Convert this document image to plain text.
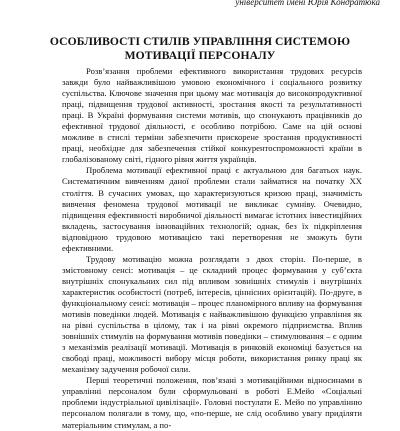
університет імені Юрія Кондратюка
ОСОБЛИВОСТІ СТИЛІВ УПРАВЛІННЯ СИСТЕМОЮ
МОТИВАЦІЇ ПЕРСОНАЛУ

Розв’язання проблеми ефективного використання трудових ресурсів завжди було найважливішою умовою економічного і соціального розвитку суспільства. Ключове значення при цьому має мотивація до високопродуктивної праці, підвищення трудової активності, зростання якості та результативності праці. В Україні формування системи мотивів, що спонукають працівників до ефективної трудової діяльності, є особливо потрібою. Саме на цій основі можливе в стислі терміни забезпечити прискорене зростання продуктивності праці, необхідне для забезпечення стійкої конкурентоспроможності країни в глобалізованому світі, гідного рівня життя українців.

Проблема мотивації ефективної праці є актуальною для багатьох наук. Систематичним вивченням даної проблеми стали займатися на початку XX століття. В сучасних умовах, що характеризуються кризою праці, значимість вивчення феномена трудової мотивації не викликає сумніву. Очевидно, підвищення ефективності виробничої діяльності вимагає істотних інвестиційних вкладень, застосування інноваційних технологій; однак, без їх підкріплення відповідною трудовою мотивацією такі перетворення не зможуть бути ефективними.

Трудову мотивацію можна розглядати з двох сторін. По-перше, в змістовному сенсі: мотивація – це складний процес формування у суб’єкта внутрішніх спонукальних сил під впливом зовнішніх стимулів і внутрішніх характеристик особистості (потреб, інтересів, ціннісних орієнтацій). По-друге, в функціональному сенсі: мотивація – процес планомірного впливу на формування мотивів поведінки людей. Мотивація є найважливішою функцією управління як на рівні суспільства в цілому, так і на рівні окремого підприємства. Вплив зовнішніх стимулів на формування мотивів поведінки – стимулювання – є одним з механізмів реалізації мотивації. Мотивація в ринковій економіці базується на свободі праці, можливості вибору місця роботи, використання ринку праці як механізму задучення робочої сили.

Перші теоретичні положення, пов’язані з мотиваційними відносинами в управлінні персоналом були сформульовані в роботі Е.Мейо «Соціальні проблеми індустріальної цивілізації». Головні постулати Е. Мейо по управлінню персоналом полягали в тому, що, «по-перше, не слід особливо увагу приділяти матеріальним стимулам, а по-
